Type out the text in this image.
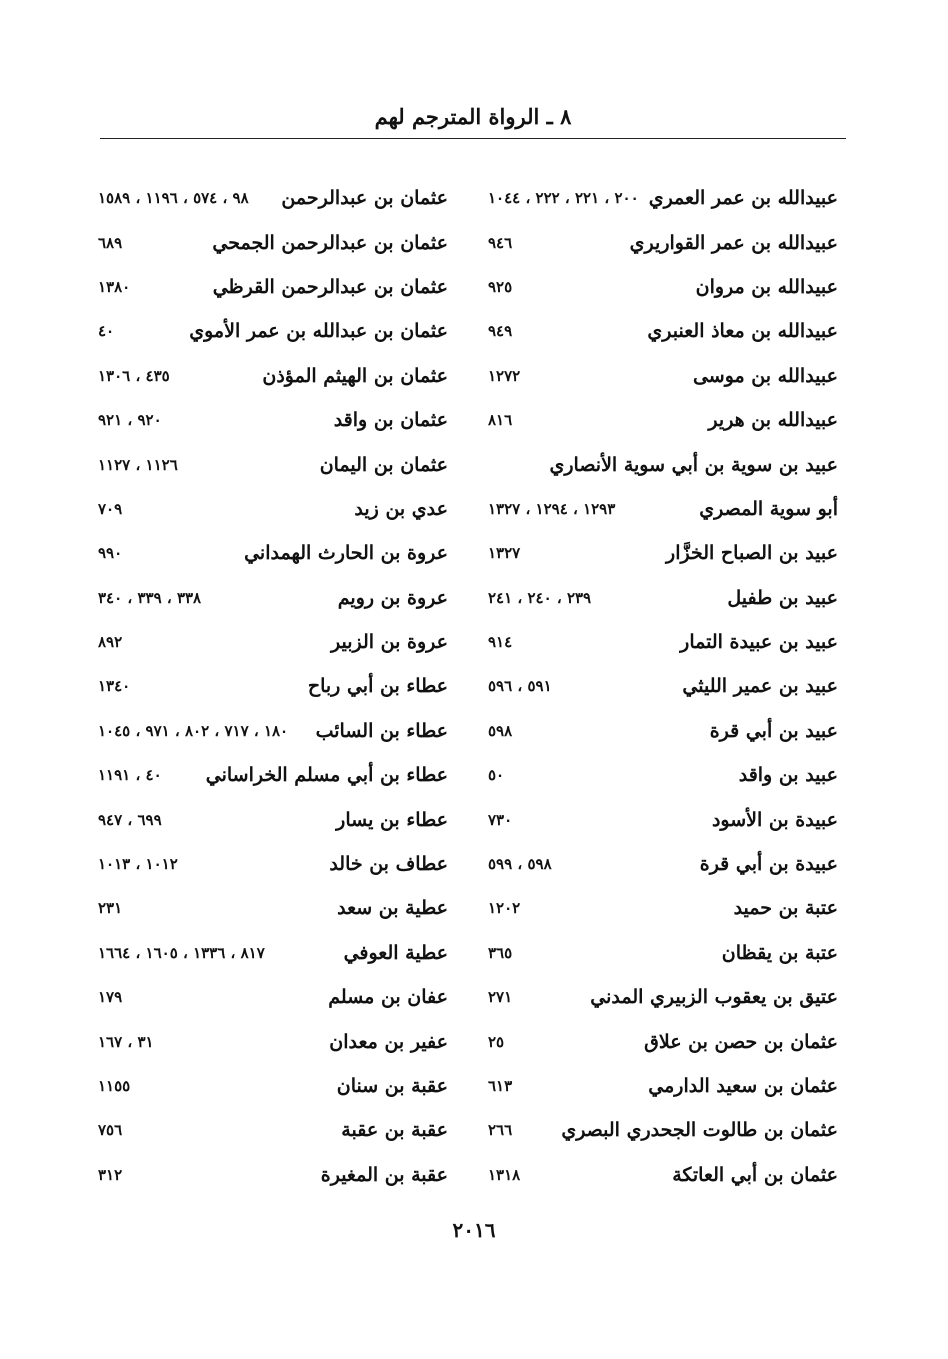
٨ ـ الرواة المترجم لهم
عبيدالله بن عمر العمري
٢٠٠ ، ٢٢١ ، ٢٢٢ ، ١٠٤٤
عبيدالله بن عمر القواريري
٩٤٦
عبيدالله بن مروان
٩٢٥
عبيدالله بن معاذ العنبري
٩٤٩
عبيدالله بن موسى
١٢٧٢
عبيدالله بن هرير
٨١٦
عبيد بن سوية بن أبي سوية الأنصاري
أبو سوية المصري
١٢٩٣ ، ١٢٩٤ ، ١٣٢٧
عبيد بن الصباح الخزَّار
١٣٢٧
عبيد بن طفيل
٢٣٩ ، ٢٤٠ ، ٢٤١
عبيد بن عبيدة التمار
٩١٤
عبيد بن عمير الليثي
٥٩١ ، ٥٩٦
عبيد بن أبي قرة
٥٩٨
عبيد بن واقد
٥٠
عبيدة بن الأسود
٧٣٠
عبيدة بن أبي قرة
٥٩٨ ، ٥٩٩
عتبة بن حميد
١٢٠٢
عتبة بن يقظان
٣٦٥
عتيق بن يعقوب الزبيري المدني
٢٧١
عثمان بن حصن بن علاق
٢٥
عثمان بن سعيد الدارمي
٦١٣
عثمان بن طالوت الجحدري البصري
٢٦٦
عثمان بن أبي العاتكة
١٣١٨
عثمان بن عبدالرحمن
٩٨ ، ٥٧٤ ، ١١٩٦ ، ١٥٨٩
عثمان بن عبدالرحمن الجمحي
٦٨٩
عثمان بن عبدالرحمن القرظي
١٣٨٠
عثمان بن عبدالله بن عمر الأموي
٤٠
عثمان بن الهيثم المؤذن
٤٣٥ ، ١٣٠٦
عثمان بن واقد
٩٢٠ ، ٩٢١
عثمان بن اليمان
١١٢٦ ، ١١٢٧
عدي بن زيد
٧٠٩
عروة بن الحارث الهمداني
٩٩٠
عروة بن رويم
٣٣٨ ، ٣٣٩ ، ٣٤٠
عروة بن الزبير
٨٩٢
عطاء بن أبي رباح
١٣٤٠
عطاء بن السائب
١٨٠ ، ٧١٧ ، ٨٠٢ ، ٩٧١ ، ١٠٤٥
عطاء بن أبي مسلم الخراساني
٤٠ ، ١١٩١
عطاء بن يسار
٦٩٩ ، ٩٤٧
عطاف بن خالد
١٠١٢ ، ١٠١٣
عطية بن سعد
٢٣١
عطية العوفي
٨١٧ ، ١٣٣٦ ، ١٦٠٥ ، ١٦٦٤
عفان بن مسلم
١٧٩
عفير بن معدان
٣١ ، ١٦٧
عقبة بن سنان
١١٥٥
عقبة بن عقبة
٧٥٦
عقبة بن المغيرة
٣١٢
٢٠١٦
